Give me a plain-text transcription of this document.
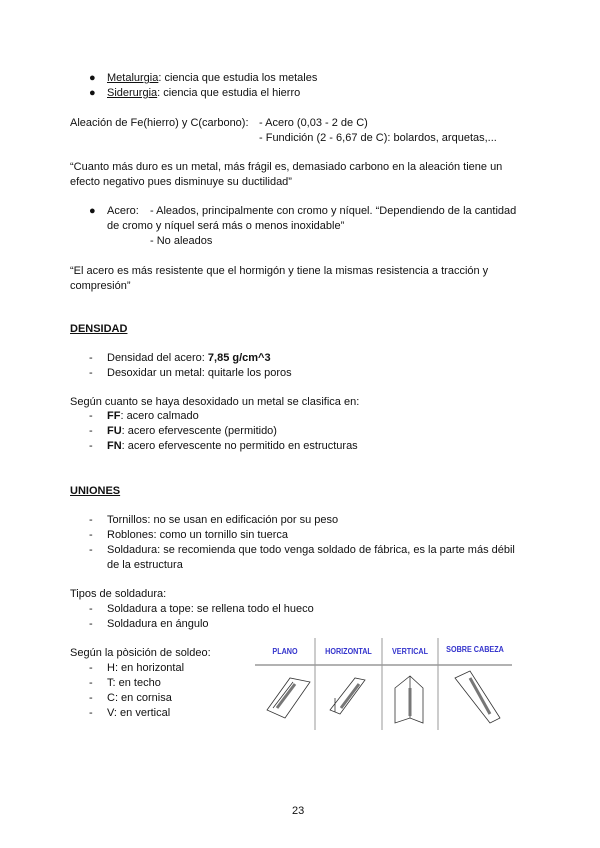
● Metalurgia: ciencia que estudia los metales
● Siderurgia: ciencia que estudia el hierro
Aleación de Fe(hierro) y C(carbono): - Acero (0,03 - 2 de C)
- Fundición (2 - 6,67 de C): bolardos, arquetas,...
“Cuanto más duro es un metal, más frágil es, demasiado carbono en la aleación tiene un
efecto negativo pues disminuye su ductilidad”
● Acero: - Aleados, principalmente con cromo y níquel. “Dependiendo de la cantidad
de cromo y níquel será más o menos inoxidable”
- No aleados
“El acero es más resistente que el hormigón y tiene la mismas resistencia a tracción y
compresión”
DENSIDAD
- Densidad del acero: 7,85 g/cm^3
- Desoxidar un metal: quitarle los poros
Según cuanto se haya desoxidado un metal se clasifica en:
- FF: acero calmado
- FU: acero efervescente (permitido)
- FN: acero efervescente no permitido en estructuras
UNIONES
- Tornillos: no se usan en edificación por su peso
- Roblones: como un tornillo sin tuerca
- Soldadura: se recomienda que todo venga soldado de fábrica, es la parte más débil
de la estructura
Tipos de soldadura:
- Soldadura a tope: se rellena todo el hueco
- Soldadura en ángulo
Según la pòsición de soldeo:
- H: en horizontal
- T: en techo
- C: en cornisa
- V: en vertical
PLANO	HORIZONTAL	VERTICAL	SOBRE CABEZA
23
